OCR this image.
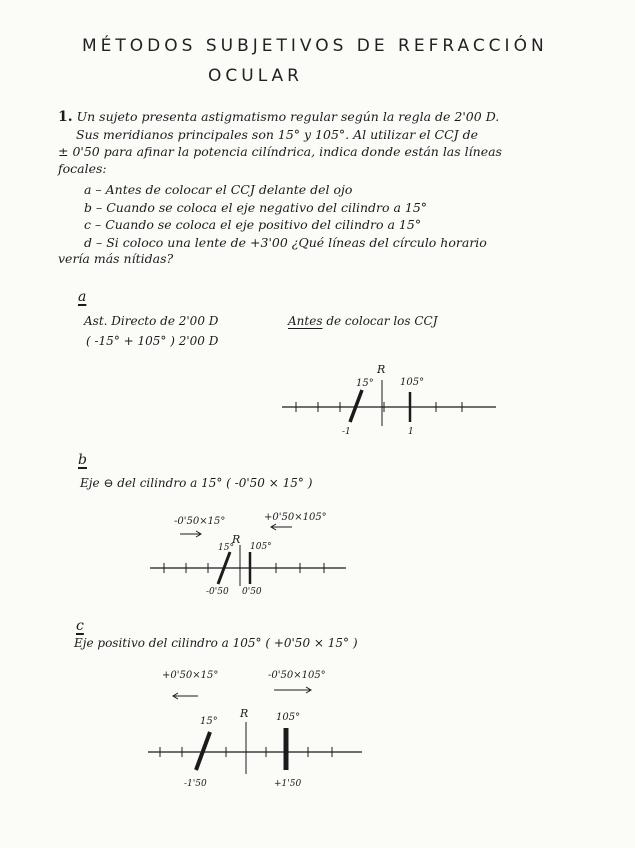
MÉTODOS SUBJETIVOS DE REFRACCIÓN
OCULAR
1. Un sujeto presenta astigmatismo regular según la regla de 2'00 D.
Sus meridianos principales son 15° y 105°. Al utilizar el CCJ de
± 0'50 para afinar la potencia cilíndrica, indica donde están las líneas
focales:
a – Antes de colocar el CCJ delante del ojo
b – Cuando se coloca el eje negativo del cilindro a 15°
c – Cuando se coloca el eje positivo del cilindro a 15°
d – Si coloco una lente de +3'00 ¿Qué líneas del círculo horario
vería más nítidas?
a
Ast. Directo de 2'00 D	Antes de colocar los CCJ
( -15° + 105° ) 2'00 D
b
Eje ⊖ del cilindro a 15° ( -0'50 × 15° )
c
Eje positivo del cilindro a 105° ( +0'50 × 15° )
15°
R
105°
-1	1
-0'50×15°	+0'50×105°
15°
R
105°
-0'50 0'50
+0'50×15°	-0'50×105°
15°
R	105°
-1'50	+1'50
